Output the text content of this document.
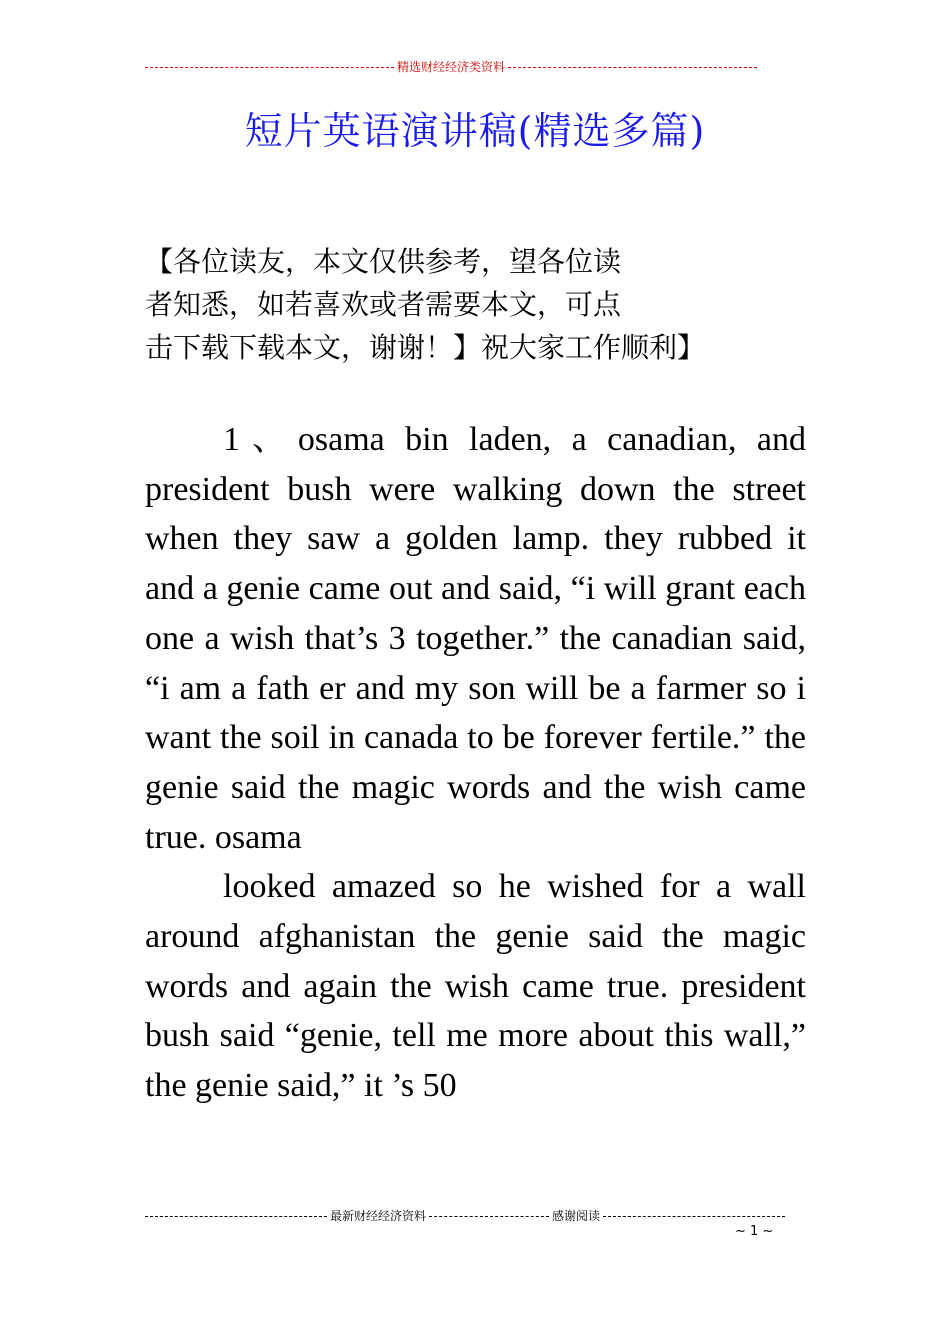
精选财经经济类资料
短片英语演讲稿(精选多篇)
【各位读友，本文仅供参考，望各位读
者知悉，如若喜欢或者需要本文，可点
击下载下载本文，谢谢！】祝大家工作顺利】

1、osama bin laden, a canadian, and president bush were walking down the street when they saw a golden lamp. they rubbed it and a genie came out and said, “i will grant each one a wish that’s 3 together.” the canadian said, “i am a fath er and my son will be a farmer so i want the soil in canada to be forever fertile.” the genie said the magic words and the wish came true. osama

looked amazed so he wished for a wall around afghanistan the genie said the magic words and again the wish came true. president bush said “genie, tell me more about this wall,” the genie said,” it ’s 50

最新财经经济资料	感谢阅读
~ 1 ~
